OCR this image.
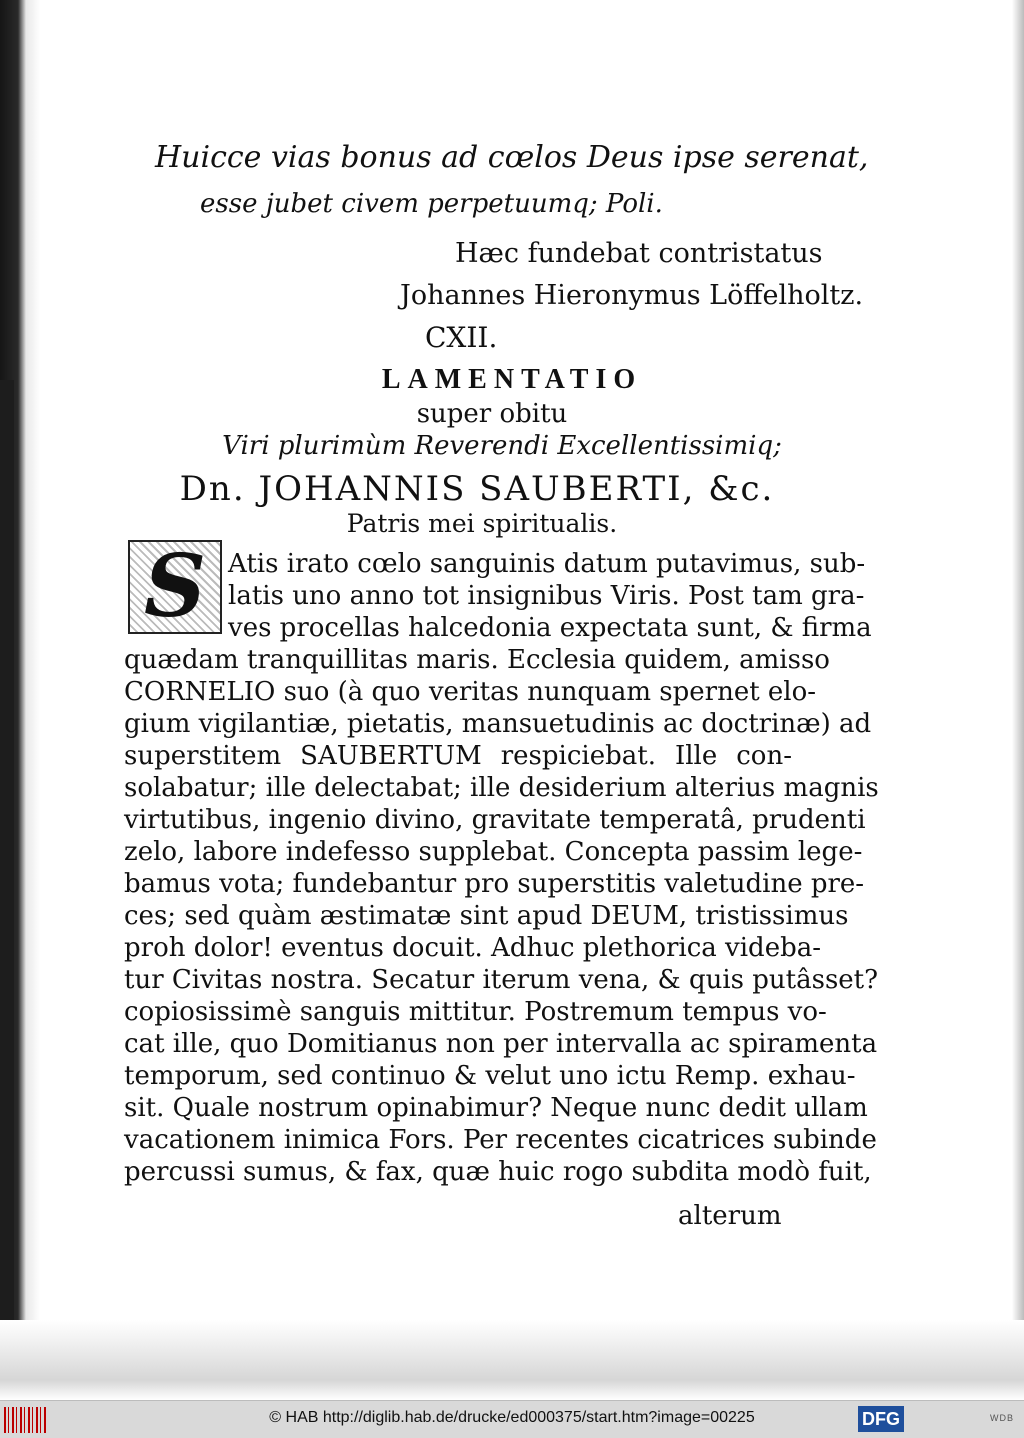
Huicce vias bonus ad cœlos Deus ipse serenat,
esse jubet civem perpetuumq; Poli.
Hæc fundebat contristatus
Johannes Hieronymus Löffelholtz.
CXII.
LAMENTATIO
super obitu
Viri plurimùm Reverendi Excellentissimiq;
Dn. JOHANNIS SAUBERTI, &c.
Patris mei spiritualis.
S Atis irato cœlo sanguinis datum putavimus, sub-
latis uno anno tot insignibus Viris. Post tam gra-
ves procellas halcedonia expectata sunt, & firma
quædam tranquillitas maris. Ecclesia quidem, amisso
CORNELIO suo (à quo veritas nunquam spernet elo-
gium vigilantiæ, pietatis, mansuetudinis ac doctrinæ) ad
superstitem SAUBERTUM respiciebat. Ille con-
solabatur; ille delectabat; ille desiderium alterius magnis
virtutibus, ingenio divino, gravitate temperatâ, prudenti
zelo, labore indefesso supplebat. Concepta passim lege-
bamus vota; fundebantur pro superstitis valetudine pre-
ces; sed quàm æstimatæ sint apud DEUM, tristissimus
proh dolor! eventus docuit. Adhuc plethorica videba-
tur Civitas nostra. Secatur iterum vena, & quis putâsset?
copiosissimè sanguis mittitur. Postremum tempus vo-
cat ille, quo Domitianus non per intervalla ac spiramenta
temporum, sed continuo & velut uno ictu Remp. exhau-
sit. Quale nostrum opinabimur? Neque nunc dedit ullam
vacationem inimica Fors. Per recentes cicatrices subinde
percussi sumus, & fax, quæ huic rogo subdita modò fuit,
alterum
© HAB http://diglib.hab.de/drucke/ed000375/start.htm?image=00225	DFG	WDB
